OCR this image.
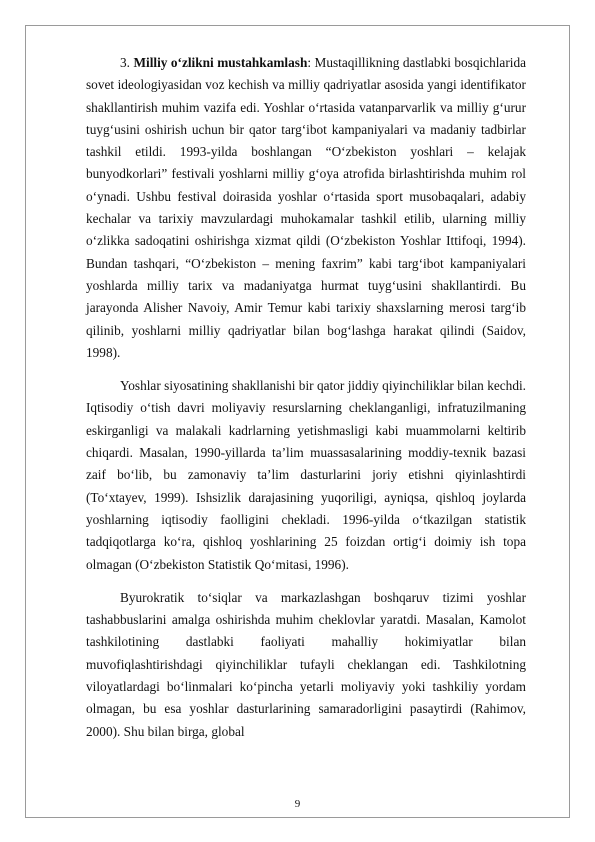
3. Milliy o‘zlikni mustahkamlash: Mustaqillikning dastlabki bosqichlarida sovet ideologiyasidan voz kechish va milliy qadriyatlar asosida yangi identifikator shakllantirish muhim vazifa edi. Yoshlar o‘rtasida vatanparvarlik va milliy g‘urur tuyg‘usini oshirish uchun bir qator targ‘ibot kampaniyalari va madaniy tadbirlar tashkil etildi. 1993-yilda boshlangan “O‘zbekiston yoshlari – kelajak bunyodkorlari” festivali yoshlarni milliy g‘oya atrofida birlashtirishda muhim rol o‘ynadi. Ushbu festival doirasida yoshlar o‘rtasida sport musobaqalari, adabiy kechalar va tarixiy mavzulardagi muhokamalar tashkil etilib, ularning milliy o‘zlikka sadoqatini oshirishga xizmat qildi (O‘zbekiston Yoshlar Ittifoqi, 1994). Bundan tashqari, “O‘zbekiston – mening faxrim” kabi targ‘ibot kampaniyalari yoshlarda milliy tarix va madaniyatga hurmat tuyg‘usini shakllantirdi. Bu jarayonda Alisher Navoiy, Amir Temur kabi tarixiy shaxslarning merosi targ‘ib qilinib, yoshlarni milliy qadriyatlar bilan bog‘lashga harakat qilindi (Saidov, 1998).

Yoshlar siyosatining shakllanishi bir qator jiddiy qiyinchiliklar bilan kechdi. Iqtisodiy o‘tish davri moliyaviy resurslarning cheklanganligi, infratuzilmaning eskirganligi va malakali kadrlarning yetishmasligi kabi muammolarni keltirib chiqardi. Masalan, 1990-yillarda ta’lim muassasalarining moddiy-texnik bazasi zaif bo‘lib, bu zamonaviy ta’lim dasturlarini joriy etishni qiyinlashtirdi (To‘xtayev, 1999). Ishsizlik darajasining yuqoriligi, ayniqsa, qishloq joylarda yoshlarning iqtisodiy faolligini chekladi. 1996-yilda o‘tkazilgan statistik tadqiqotlarga ko‘ra, qishloq yoshlarining 25 foizdan ortig‘i doimiy ish topa olmagan (O‘zbekiston Statistik Qo‘mitasi, 1996).

Byurokratik to‘siqlar va markazlashgan boshqaruv tizimi yoshlar tashabbuslarini amalga oshirishda muhim cheklovlar yaratdi. Masalan, Kamolot tashkilotining dastlabki faoliyati mahalliy hokimiyatlar bilan muvofiqlashtirishdagi qiyinchiliklar tufayli cheklangan edi. Tashkilotning viloyatlardagi bo‘linmalari ko‘pincha yetarli moliyaviy yoki tashkiliy yordam olmagan, bu esa yoshlar dasturlarining samaradorligini pasaytirdi (Rahimov, 2000). Shu bilan birga, global

9
